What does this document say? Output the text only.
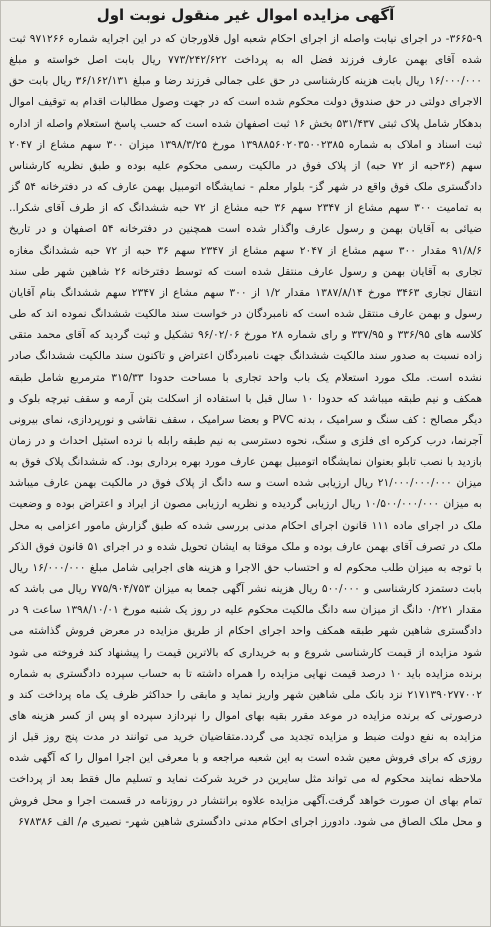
آگهی مزایده اموال غیر منقول نوبت اول

۳۶۶۵-۹- در اجرای نیابت واصله از اجرای احکام شعبه اول فلاورجان که در این اجرایه شماره ۹۷۱۲۶۶ ثبت شده آقای بهمن عارف فرزند فضل اله به پرداخت ۷۷۳/۲۴۲/۶۲۲ ریال بابت اصل خواسته و مبلغ ۱۶/۰۰۰/۰۰۰ ریال بابت هزینه کارشناسی در حق علی جمالی فرزند رضا و مبلغ ۳۶/۱۶۲/۱۳۱ ریال بابت حق الاجرای دولتی در حق صندوق دولت محکوم شده است که در جهت وصول مطالبات اقدام به توقیف اموال بدهکار شامل پلاک ثبتی ۵۳۱/۴۳۷ بخش ۱۶ ثبت اصفهان شده است که حسب پاسخ استعلام واصله از اداره ثبت اسناد و املاک به شماره ۱۳۹۸۸۵۶۰۲۰۳۵۰۰۲۳۸۵ مورخ ۱۳۹۸/۳/۲۵ میزان ۳۰۰ سهم مشاع از ۲۰۴۷ سهم (۳۶حبه از ۷۲ حبه) از پلاک فوق در مالکیت رسمی محکوم علیه بوده و طبق نظریه کارشناس دادگستری ملک فوق واقع در شهر گز- بلوار معلم - نمایشگاه اتومبیل بهمن عارف که در دفترخانه ۵۴ گز به تمامیت ۳۰۰ سهم مشاع از ۲۳۴۷ سهم ۳۶ حبه مشاع از ۷۲ حبه ششدانگ که از طرف آقای شکرا.. ضیائی به آقایان بهمن و رسول عارف واگذار شده است همچنین در دفترخانه ۵۴ اصفهان و در تاریخ ۹۱/۸/۶ مقدار ۳۰۰ سهم مشاع از ۲۰۴۷ سهم مشاع از ۲۳۴۷ سهم ۳۶ حبه از ۷۲ حبه ششدانگ مغازه تجاری به آقایان بهمن و رسول عارف منتقل شده است که توسط دفترخانه ۲۶ شاهین شهر طی سند انتقال تجاری ۳۴۶۳ مورخ ۱۳۸۷/۸/۱۴ مقدار ۱/۲ از ۳۰۰ سهم مشاع از ۲۳۴۷ سهم ششدانگ بنام آقایان رسول و بهمن عارف منتقل شده است که نامبردگان در خواست سند مالکیت ششدانگ نموده اند که طی کلاسه های ۳۳۶/۹۵ و ۳۳۷/۹۵ و رای شماره ۲۸ مورخ ۹۶/۰۲/۰۶ تشکیل و ثبت گردید که آقای محمد متقی زاده نسبت به صدور سند مالکیت ششدانگ جهت نامبردگان اعتراض و تاکنون سند مالکیت ششدانگ صادر نشده است. ملک مورد استعلام یک باب واحد تجاری با مساحت حدودا ۳۱۵/۳۳ مترمربع شامل طبقه همکف و نیم طبقه میباشد که حدودا ۱۰ سال قبل با استفاده از اسکلت بتن آرمه و سقف تیرچه بلوک و دیگر مصالح : کف سنگ و سرامیک ، بدنه PVC و بعضا سرامیک ، سقف نقاشی و نورپردازی، نمای بیرونی آجرنما، درب کرکره ای فلزی و سنگ، نحوه دسترسی به نیم طبقه رابله با نرده استیل احداث و در زمان بازدید با نصب تابلو بعنوان نمایشگاه اتومبیل بهمن عارف مورد بهره برداری بود. که ششدانگ پلاک فوق به میزان ۲۱/۰۰۰/۰۰۰/۰۰۰ ریال ارزیابی شده است و سه دانگ از پلاک فوق در مالکیت بهمن عارف میباشد به میزان ۱۰/۵۰۰/۰۰۰/۰۰۰ ریال ارزیابی گردیده و نظریه ارزیابی مصون از ایراد و اعتراض بوده و وضعیت ملک در اجرای ماده ۱۱۱ قانون اجرای احکام مدنی بررسی شده که طبق گزارش مامور اعزامی به محل ملک در تصرف آقای بهمن عارف بوده و ملک موقتا به ایشان تحویل شده و در اجرای ۵۱ قانون فوق الذکر با توجه به میزان طلب محکوم له و احتساب حق الاجرا و هزینه های اجرایی شامل مبلغ ۱۶/۰۰۰/۰۰۰ ریال بابت دستمزد کارشناسی و ۵۰۰/۰۰۰ ریال هزینه نشر آگهی جمعا به میزان ۷۷۵/۹۰۴/۷۵۳ ریال می باشد که مقدار ۰/۲۲۱ دانگ از میزان سه دانگ مالکیت محکوم علیه در روز یک شنبه مورخ ۱۳۹۸/۱۰/۰۱ ساعت ۹ در دادگستری شاهین شهر طبقه همکف واحد اجرای احکام از طریق مزایده در معرض فروش گذاشته می شود مزایده از قیمت کارشناسی شروع و به خریداری که بالاترین قیمت را پیشنهاد کند فروخته می شود برنده مزایده باید ۱۰ درصد قیمت نهایی مزایده را همراه داشته تا به حساب سپرده دادگستری به شماره ۲۱۷۱۳۹۰۲۷۷۰۰۲ نزد بانک ملی شاهین شهر واریز نماید و مابقی را حداکثر ظرف یک ماه پرداخت کند و درصورتی که برنده مزایده در موعد مقرر بقیه بهای اموال را نپردازد سپرده او پس از کسر هزینه های مزایده به نفع دولت ضبط و مزایده تجدید می گردد.متقاضیان خرید می توانند در مدت پنج روز قبل از روزی که برای فروش معین شده است به این شعبه مراجعه و با معرفی این اجرا اموال را که آگهی شده ملاحظه نمایند محکوم له می تواند مثل سایرین در خرید شرکت نماید و تسلیم مال فقط بعد از پرداخت تمام بهای ان صورت خواهد گرفت.آگهی مزایده علاوه برانتشار در روزنامه در قسمت اجرا و محل فروش و محل ملک الصاق می شود. دادورز اجرای احکام مدنی دادگستری شاهین شهر- نصیری م/ الف ۶۷۸۳۸۶
